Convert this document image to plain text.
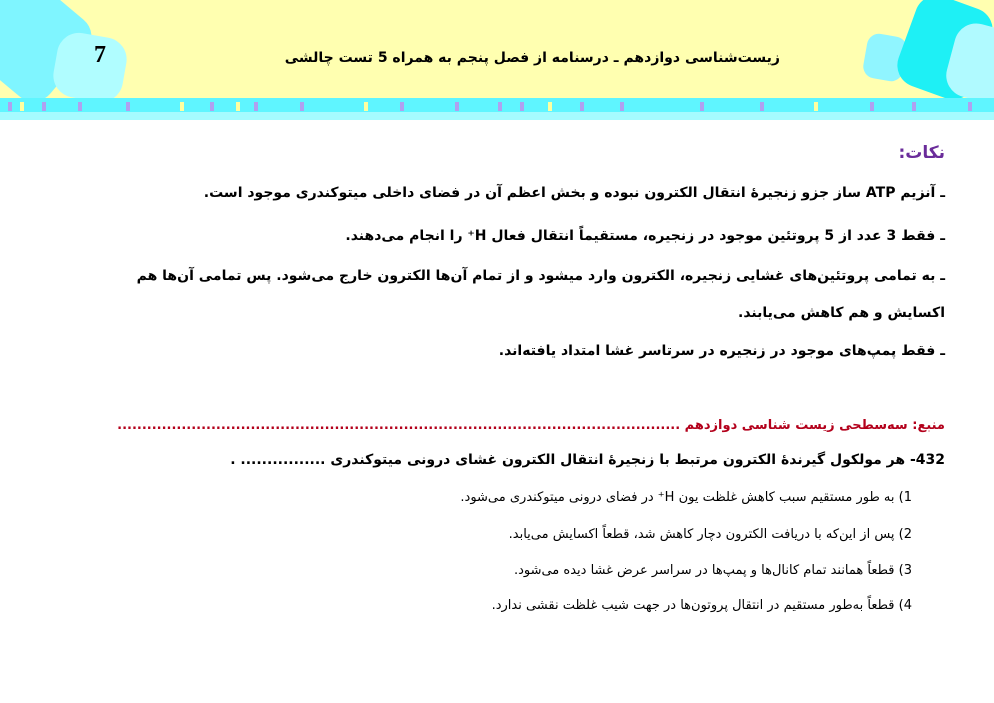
7	زیست‌شناسی دوازدهم ـ درسنامه از فصل پنجم به همراه 5 تست چالشی
نکات:
ـ آنزیم ATP ساز جزو زنجیرهٔ انتقال الکترون نبوده و بخش اعظم آن در فضای داخلی میتوکندری موجود است.
ـ فقط 3 عدد از 5 پروتئین موجود در زنجیره، مستقیماً انتقال فعال H⁺ را انجام می‌دهند.
ـ به تمامی پروتئین‌های غشایی زنجیره، الکترون وارد میشود و از تمام آن‌ها الکترون خارج می‌شود. پس تمامی آن‌ها هم
اکسایش و هم کاهش می‌یابند.
ـ فقط پمپ‌های موجود در زنجیره در سرتاسر غشا امتداد یافته‌اند.
منبع: سه‌سطحی زیست شناسی دوازدهم ..................................................................................................................
432- هر مولکول گیرندهٔ الکترون مرتبط با زنجیرهٔ انتقال الکترون غشای درونی میتوکندری ................ .
1) به طور مستقیم سبب کاهش غلظت یون H⁺ در فضای درونی میتوکندری می‌شود.
2) پس از این‌که با دریافت الکترون دچار کاهش شد، قطعاً اکسایش می‌یابد.
3) قطعاً همانند تمام کانال‌ها و پمپ‌ها در سراسر عرض غشا دیده می‌شود.
4) قطعاً به‌طور مستقیم در انتقال پروتون‌ها در جهت شیب غلظت نقشی ندارد.
